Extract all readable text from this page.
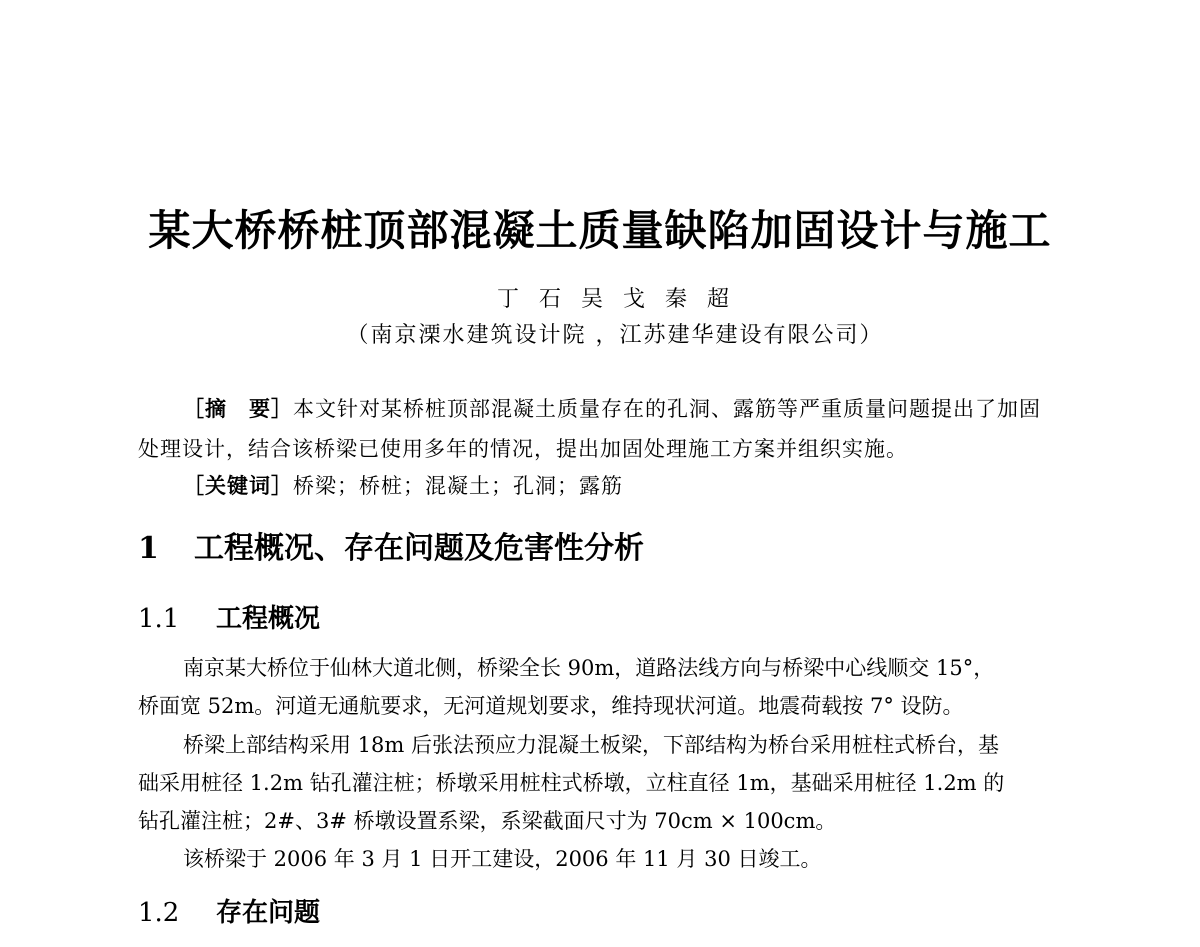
某大桥桥桩顶部混凝土质量缺陷加固设计与施工
丁  石  吴  戈  秦  超
（南京溧水建筑设计院 ，江苏建华建设有限公司）
［摘　要］本文针对某桥桩顶部混凝土质量存在的孔洞、露筋等严重质量问题提出了加固
处理设计，结合该桥梁已使用多年的情况，提出加固处理施工方案并组织实施。
［关键词］桥梁；桥桩；混凝土；孔洞；露筋
1 工程概况、存在问题及危害性分析
1.1 工程概况
南京某大桥位于仙林大道北侧，桥梁全长 90m，道路法线方向与桥梁中心线顺交 15°，
桥面宽 52m。河道无通航要求，无河道规划要求，维持现状河道。地震荷载按 7° 设防。
桥梁上部结构采用 18m 后张法预应力混凝土板梁，下部结构为桥台采用桩柱式桥台，基
础采用桩径 1.2m 钻孔灌注桩；桥墩采用桩柱式桥墩，立柱直径 1m，基础采用桩径 1.2m 的
钻孔灌注桩；2#、3# 桥墩设置系梁，系梁截面尺寸为 70cm × 100cm。
该桥梁于 2006 年 3 月 1 日开工建设，2006 年 11 月 30 日竣工。
1.2 存在问题
